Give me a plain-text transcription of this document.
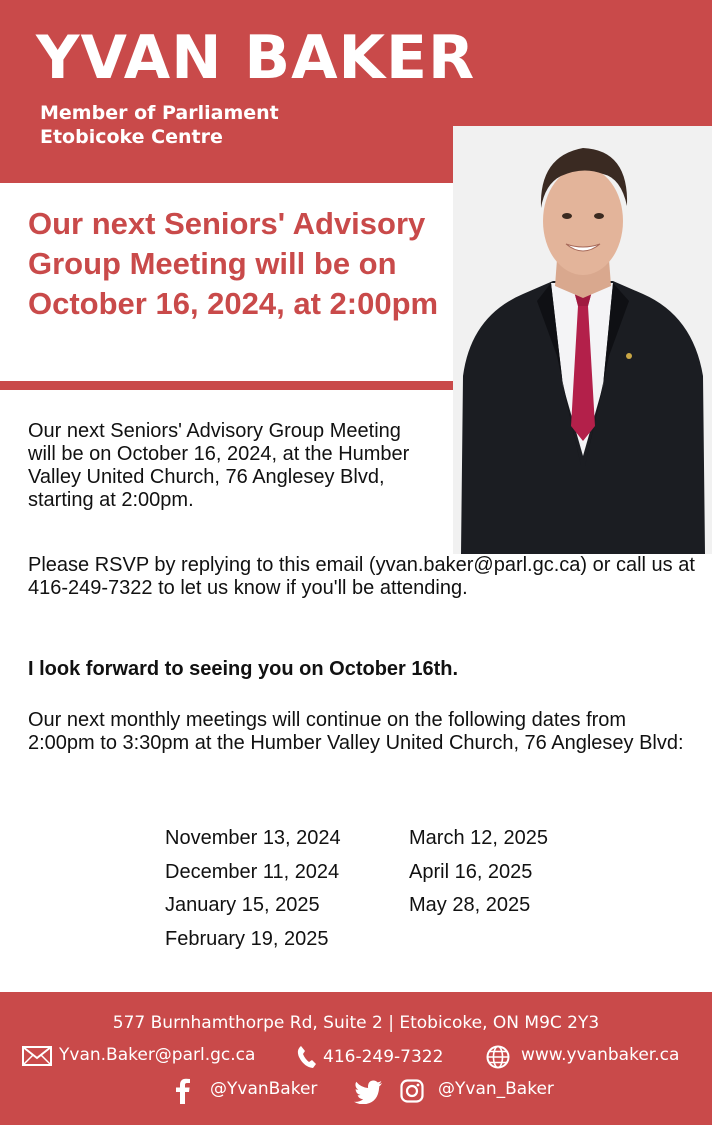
YVAN BAKER
Member of Parliament
Etobicoke Centre
Our next Seniors' Advisory Group Meeting will be on October 16, 2024, at 2:00pm

Our next Seniors' Advisory Group Meeting will be on October 16, 2024, at the Humber Valley United Church, 76 Anglesey Blvd, starting at 2:00pm.

Please RSVP by replying to this email (yvan.baker@parl.gc.ca) or call us at 416-249-7322 to let us know if you'll be attending.

I look forward to seeing you on October 16th.

Our next monthly meetings will continue on the following dates from 2:00pm to 3:30pm at the Humber Valley United Church, 76 Anglesey Blvd:

November 13, 2024
December 11, 2024
January 15, 2025
February 19, 2025
March 12, 2025
April 16, 2025
May 28, 2025
577 Burnhamthorpe Rd, Suite 2 | Etobicoke, ON M9C 2Y3
Yvan.Baker@parl.gc.ca	416-249-7322	www.yvanbaker.ca
@YvanBaker	@Yvan_Baker
